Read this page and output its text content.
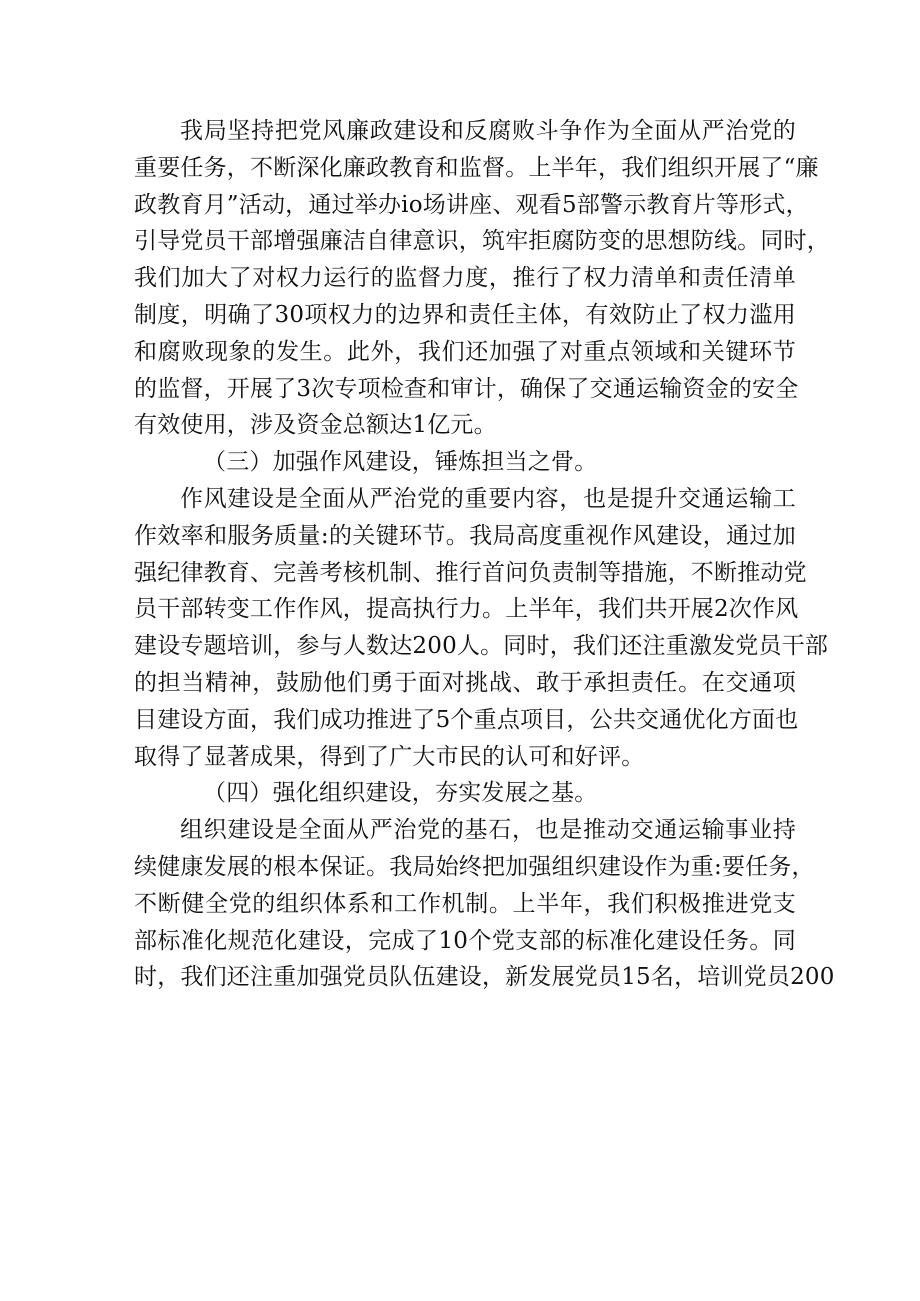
我局坚持把党风廉政建设和反腐败斗争作为全面从严治党的
重要任务，不断深化廉政教育和监督。上半年，我们组织开展了“廉
政教育月”活动，通过举办io场讲座、观看5部警示教育片等形式，
引导党员干部增强廉洁自律意识，筑牢拒腐防变的思想防线。同时，
我们加大了对权力运行的监督力度，推行了权力清单和责任清单
制度，明确了30项权力的边界和责任主体，有效防止了权力滥用
和腐败现象的发生。此外，我们还加强了对重点领域和关键环节
的监督，开展了3次专项检查和审计，确保了交通运输资金的安全
有效使用，涉及资金总额达1亿元。
（三）加强作风建设，锤炼担当之骨。
作风建设是全面从严治党的重要内容，也是提升交通运输工
作效率和服务质量:的关键环节。我局高度重视作风建设，通过加
强纪律教育、完善考核机制、推行首问负责制等措施，不断推动党
员干部转变工作作风，提高执行力。上半年，我们共开展2次作风
建设专题培训，参与人数达200人。同时，我们还注重激发党员干部
的担当精神，鼓励他们勇于面对挑战、敢于承担责任。在交通项
目建设方面，我们成功推进了5个重点项目，公共交通优化方面也
取得了显著成果，得到了广大市民的认可和好评。
（四）强化组织建设，夯实发展之基。
组织建设是全面从严治党的基石，也是推动交通运输事业持
续健康发展的根本保证。我局始终把加强组织建设作为重:要任务，
不断健全党的组织体系和工作机制。上半年，我们积极推进党支
部标准化规范化建设，完成了10个党支部的标准化建设任务。同
时，我们还注重加强党员队伍建设，新发展党员15名，培训党员200
